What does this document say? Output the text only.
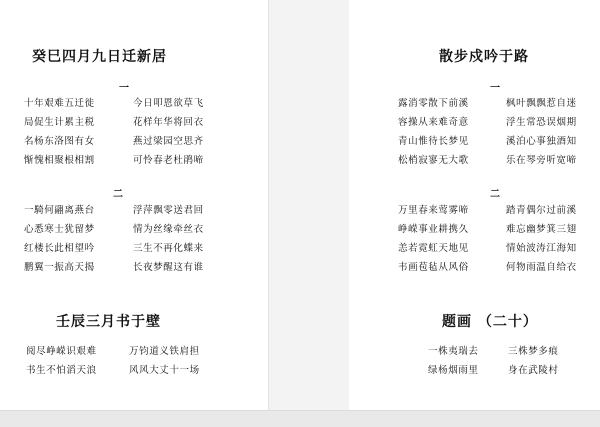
癸巳四月九日迁新居
一
十年艰难五迁徙
局促生计累主税
名杨东洛图有女
惭愧相聚根相割
今日叩恩欲草飞
花样年华将回衣
燕过梁园空思齐
可怜春老杜鹃啼
二
一騎何翮离燕台
心悉寒士犹留梦
红楼长此相望吟
鹏翼一振高天揭
浮萍飘零送君回
情为丝缘牵丝衣
三生不再化蝶来
长夜梦醒这有谁
壬辰三月书于壁
阅尽峥嵘识艰难
书生不怕滔天浪
万钧道义铁肩担
风风大丈十一场
散步戍吟于路
一
露消零散下前溪
容操从来难奇意
青山惟待长梦见
松梢寂寥无大歌
枫叶飘飘惹自迷
浮生常恐误烟期
溪泊心事独酒知
乐在琴旁听宽啼
二
万里春来莺雾啼
峥嵘事业耕携久
恙若霓虹天地见
韦画苞毡从风俗
踏青偶尔过前溪
难忘幽梦箕三翅
情始波涛江海知
何物雨温自给衣
题画 （二十）
一株夷瑞去
绿杨烟雨里
三株梦多痕
身在武陵村
